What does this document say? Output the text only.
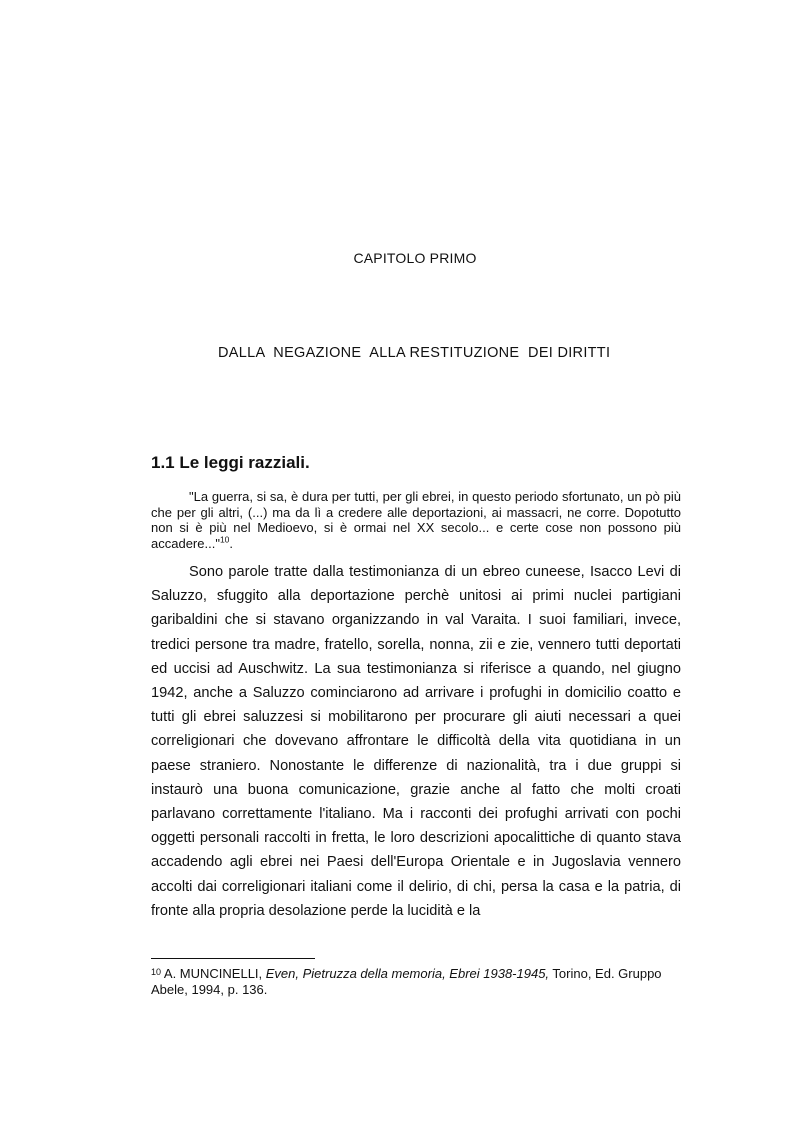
CAPITOLO PRIMO
DALLA  NEGAZIONE  ALLA RESTITUZIONE  DEI DIRITTI
1.1 Le leggi razziali.

"La guerra, si sa, è dura per tutti, per gli ebrei, in questo periodo sfortunato, un pò più che per gli altri, (...) ma da lì a credere alle deportazioni, ai massacri, ne corre. Dopotutto non si è più nel Medioevo, si è ormai nel XX secolo... e certe cose non possono più accadere..."$^{10}$.

Sono parole tratte dalla testimonianza di un ebreo cuneese, Isacco Levi di Saluzzo, sfuggito alla deportazione perchè unitosi ai primi nuclei partigiani garibaldini che si stavano organizzando in val Varaita. I suoi familiari, invece, tredici persone tra madre, fratello, sorella, nonna, zii e zie, vennero tutti deportati ed uccisi ad Auschwitz. La sua testimonianza si riferisce a quando, nel giugno 1942, anche a Saluzzo cominciarono ad arrivare i profughi in domicilio coatto e tutti gli ebrei saluzzesi si mobilitarono per procurare gli aiuti necessari a quei correligionari che dovevano affrontare le difficoltà della vita quotidiana in un paese straniero. Nonostante le differenze di nazionalità, tra i due gruppi si instaurò una buona comunicazione, grazie anche al fatto che molti croati parlavano correttamente l'italiano. Ma i racconti dei profughi arrivati con pochi oggetti personali raccolti in fretta, le loro descrizioni apocalittiche di quanto stava accadendo agli ebrei nei Paesi dell'Europa Orientale e in Jugoslavia vennero accolti dai correligionari italiani come il delirio, di chi, persa la casa e la patria, di fronte alla propria desolazione perde la lucidità e la

$^{10}$ A. MUNCINELLI, Even, Pietruzza della memoria, Ebrei 1938-1945, Torino, Ed. Gruppo Abele, 1994, p. 136.
